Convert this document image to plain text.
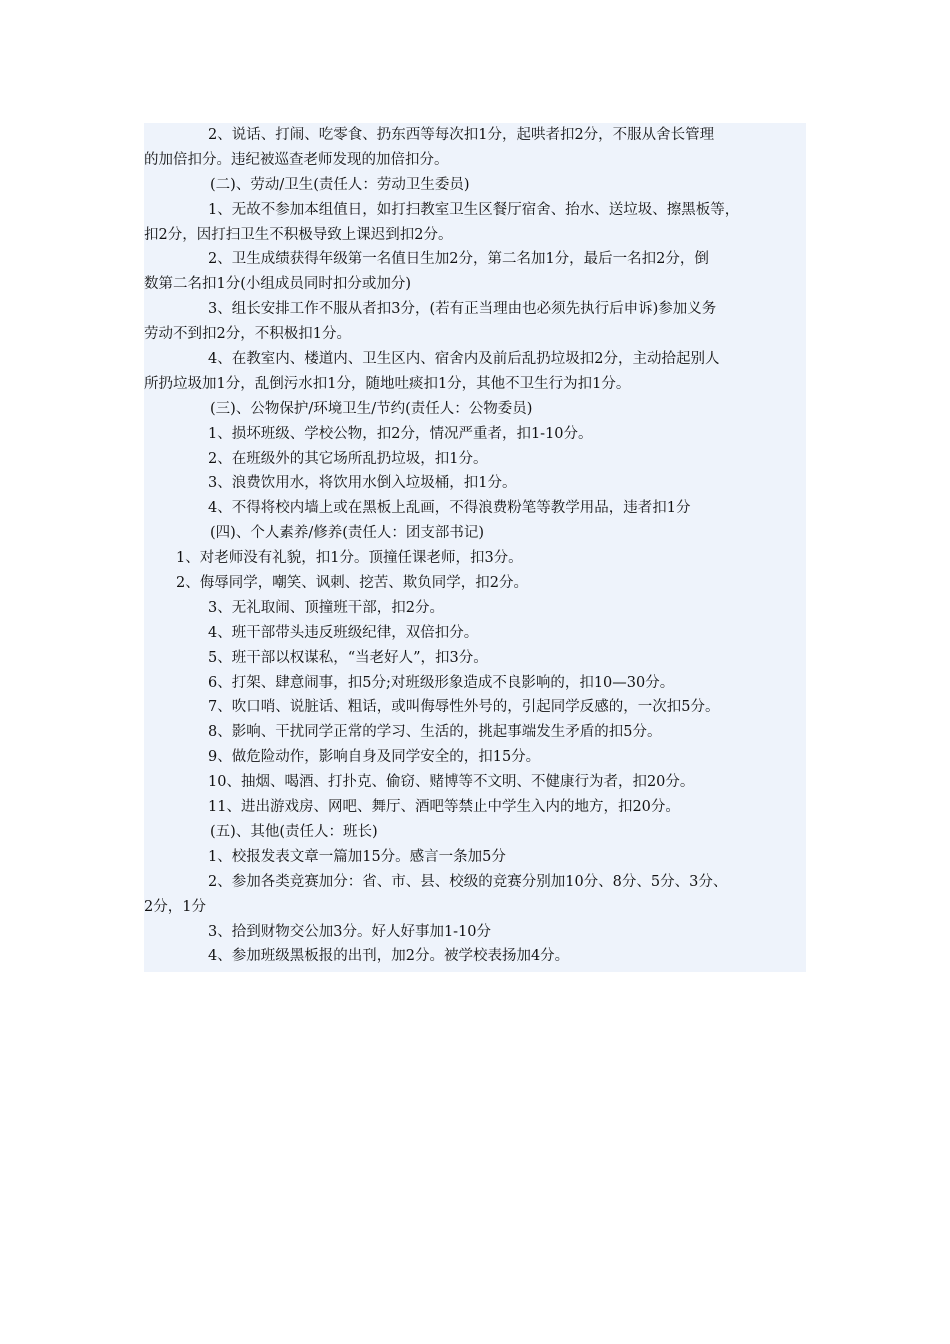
2、说话、打闹、吃零食、扔东西等每次扣1分，起哄者扣2分，不服从舍长管理
的加倍扣分。违纪被巡查老师发现的加倍扣分。
(二)、劳动/卫生(责任人：劳动卫生委员)
1、无故不参加本组值日，如打扫教室卫生区餐厅宿舍、抬水、送垃圾、擦黑板等，
扣2分，因打扫卫生不积极导致上课迟到扣2分。
2、卫生成绩获得年级第一名值日生加2分，第二名加1分，最后一名扣2分，倒
数第二名扣1分(小组成员同时扣分或加分)
3、组长安排工作不服从者扣3分，(若有正当理由也必须先执行后申诉)参加义务
劳动不到扣2分，不积极扣1分。
4、在教室内、楼道内、卫生区内、宿舍内及前后乱扔垃圾扣2分，主动拾起别人
所扔垃圾加1分，乱倒污水扣1分，随地吐痰扣1分，其他不卫生行为扣1分。
(三)、公物保护/环境卫生/节约(责任人：公物委员)
1、损坏班级、学校公物，扣2分，情况严重者，扣1-10分。
2、在班级外的其它场所乱扔垃圾，扣1分。
3、浪费饮用水，将饮用水倒入垃圾桶，扣1分。
4、不得将校内墙上或在黑板上乱画，不得浪费粉笔等教学用品，违者扣1分
(四)、个人素养/修养(责任人：团支部书记)
1、对老师没有礼貌，扣1分。顶撞任课老师，扣3分。
2、侮辱同学，嘲笑、讽刺、挖苦、欺负同学，扣2分。
3、无礼取闹、顶撞班干部，扣2分。
4、班干部带头违反班级纪律，双倍扣分。
5、班干部以权谋私，“当老好人”，扣3分。
6、打架、肆意闹事，扣5分;对班级形象造成不良影响的，扣10—30分。
7、吹口哨、说脏话、粗话，或叫侮辱性外号的，引起同学反感的，一次扣5分。
8、影响、干扰同学正常的学习、生活的，挑起事端发生矛盾的扣5分。
9、做危险动作，影响自身及同学安全的，扣15分。
10、抽烟、喝酒、打扑克、偷窃、赌博等不文明、不健康行为者，扣20分。
11、进出游戏房、网吧、舞厅、酒吧等禁止中学生入内的地方，扣20分。
(五)、其他(责任人：班长)
1、校报发表文章一篇加15分。感言一条加5分
2、参加各类竞赛加分：省、市、县、校级的竞赛分别加10分、8分、5分、3分、
2分，1分
3、拾到财物交公加3分。好人好事加1-10分
4、参加班级黑板报的出刊，加2分。被学校表扬加4分。
